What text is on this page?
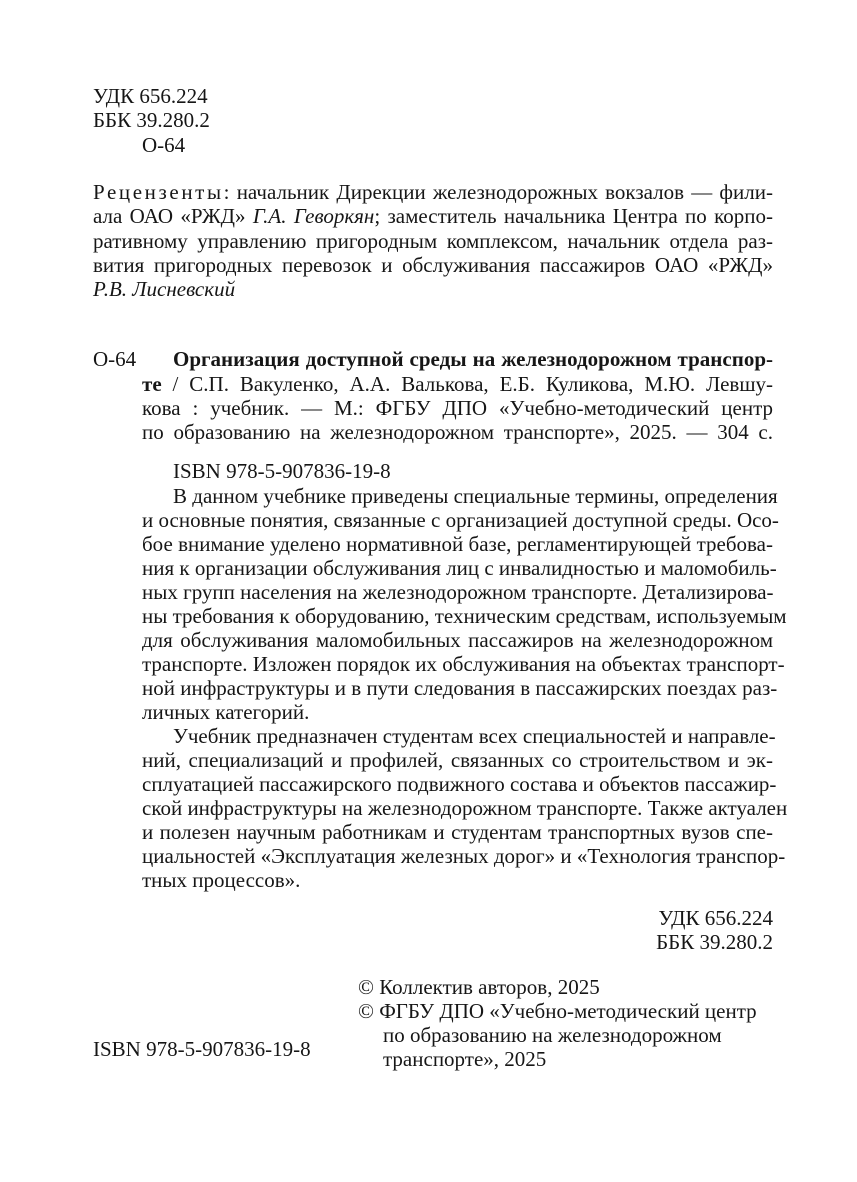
УДК 656.224
ББК 39.280.2
О-64
Рецензенты: начальник Дирекции железнодорожных вокзалов — фили-
ала ОАО «РЖД» Г.А. Геворкян; заместитель начальника Центра по корпо-
ративному управлению пригородным комплексом, начальник отдела раз-
вития пригородных перевозок и обслуживания пассажиров ОАО «РЖД»
Р.В. Лисневский
О-64 Организация доступной среды на железнодорожном транспор-
те / С.П. Вакуленко, А.А. Валькова, Е.Б. Куликова, М.Ю. Левшу-
кова : учебник. — М.: ФГБУ ДПО «Учебно-методический центр
по образованию на железнодорожном транспорте», 2025. — 304 с.
ISBN 978-5-907836-19-8
В данном учебнике приведены специальные термины, определения
и основные понятия, связанные с организацией доступной среды. Осо-
бое внимание уделено нормативной базе, регламентирующей требова-
ния к организации обслуживания лиц с инвалидностью и маломобиль-
ных групп населения на железнодорожном транспорте. Детализирова-
ны требования к оборудованию, техническим средствам, используемым
для обслуживания маломобильных пассажиров на железнодорожном
транспорте. Изложен порядок их обслуживания на объектах транспорт-
ной инфраструктуры и в пути следования в пассажирских поездах раз-
личных категорий.
Учебник предназначен студентам всех специальностей и направле-
ний, специализаций и профилей, связанных со строительством и эк-
сплуатацией пассажирского подвижного состава и объектов пассажир-
ской инфраструктуры на железнодорожном транспорте. Также актуален
и полезен научным работникам и студентам транспортных вузов спе-
циальностей «Эксплуатация железных дорог» и «Технология транспор-
тных процессов».
УДК 656.224
ББК 39.280.2
© Коллектив авторов, 2025
© ФГБУ ДПО «Учебно-методический центр
по образованию на железнодорожном
транспорте», 2025
ISBN 978-5-907836-19-8
